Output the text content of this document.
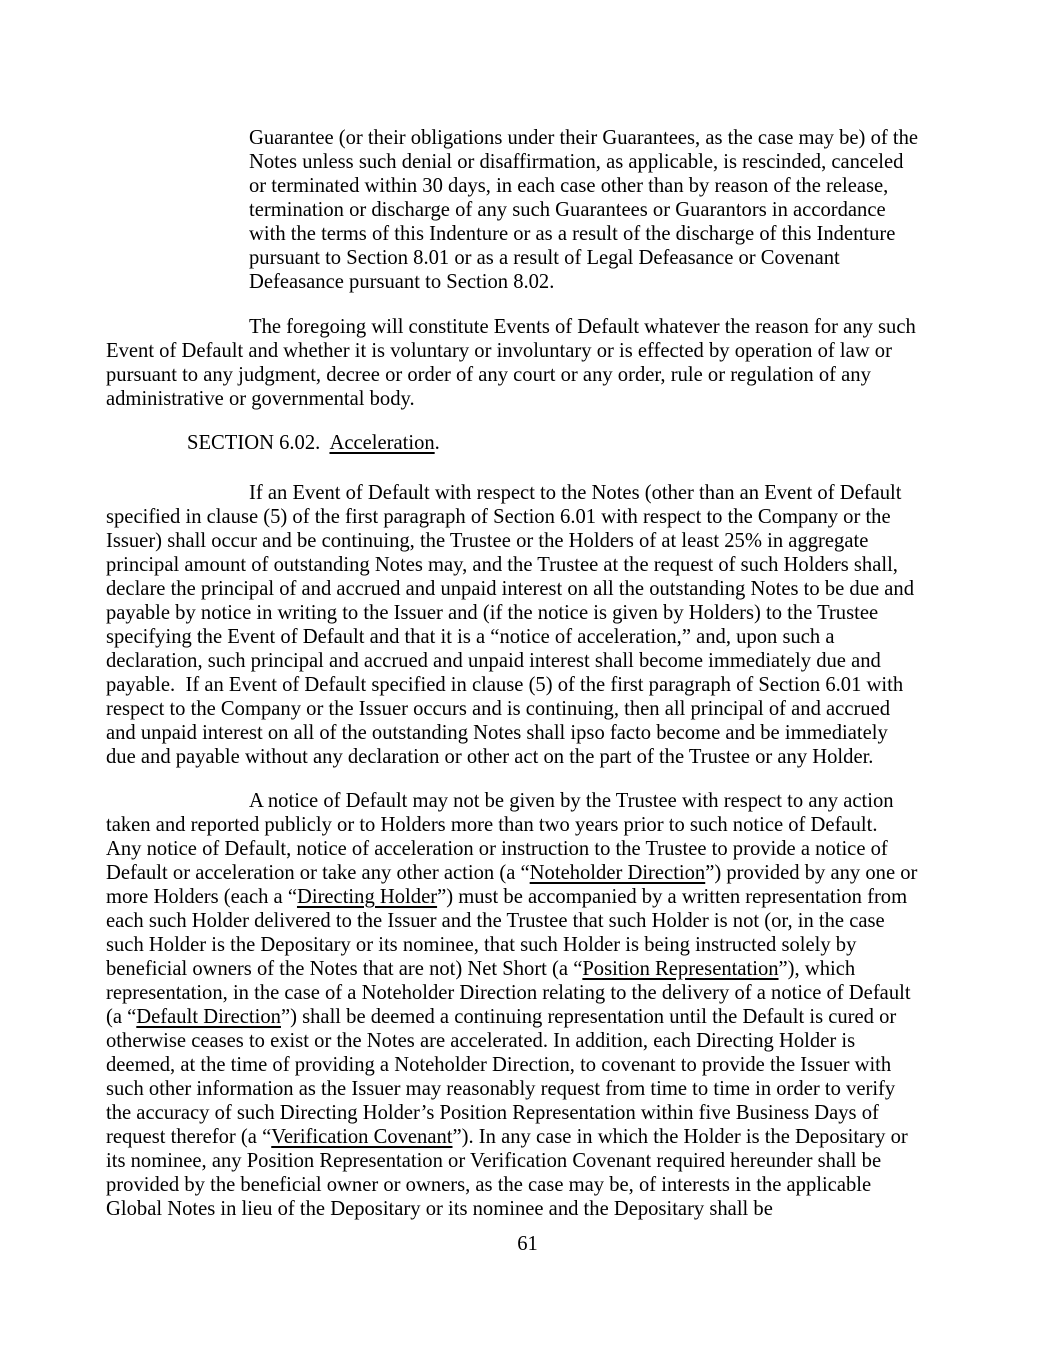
Guarantee (or their obligations under their Guarantees, as the case may be) of the Notes unless such denial or disaffirmation, as applicable, is rescinded, canceled or terminated within 30 days, in each case other than by reason of the release, termination or discharge of any such Guarantees or Guarantors in accordance with the terms of this Indenture or as a result of the discharge of this Indenture pursuant to Section 8.01 or as a result of Legal Defeasance or Covenant Defeasance pursuant to Section 8.02.

The foregoing will constitute Events of Default whatever the reason for any such Event of Default and whether it is voluntary or involuntary or is effected by operation of law or pursuant to any judgment, decree or order of any court or any order, rule or regulation of any administrative or governmental body.

SECTION 6.02. Acceleration.

If an Event of Default with respect to the Notes (other than an Event of Default specified in clause (5) of the first paragraph of Section 6.01 with respect to the Company or the Issuer) shall occur and be continuing, the Trustee or the Holders of at least 25% in aggregate principal amount of outstanding Notes may, and the Trustee at the request of such Holders shall, declare the principal of and accrued and unpaid interest on all the outstanding Notes to be due and payable by notice in writing to the Issuer and (if the notice is given by Holders) to the Trustee specifying the Event of Default and that it is a “notice of acceleration,” and, upon such a declaration, such principal and accrued and unpaid interest shall become immediately due and payable.  If an Event of Default specified in clause (5) of the first paragraph of Section 6.01 with respect to the Company or the Issuer occurs and is continuing, then all principal of and accrued and unpaid interest on all of the outstanding Notes shall ipso facto become and be immediately due and payable without any declaration or other act on the part of the Trustee or any Holder.

A notice of Default may not be given by the Trustee with respect to any action taken and reported publicly or to Holders more than two years prior to such notice of Default.  Any notice of Default, notice of acceleration or instruction to the Trustee to provide a notice of Default or acceleration or take any other action (a “Noteholder Direction”) provided by any one or more Holders (each a “Directing Holder”) must be accompanied by a written representation from each such Holder delivered to the Issuer and the Trustee that such Holder is not (or, in the case such Holder is the Depositary or its nominee, that such Holder is being instructed solely by beneficial owners of the Notes that are not) Net Short (a “Position Representation”), which representation, in the case of a Noteholder Direction relating to the delivery of a notice of Default (a “Default Direction”) shall be deemed a continuing representation until the Default is cured or otherwise ceases to exist or the Notes are accelerated. In addition, each Directing Holder is deemed, at the time of providing a Noteholder Direction, to covenant to provide the Issuer with such other information as the Issuer may reasonably request from time to time in order to verify the accuracy of such Directing Holder’s Position Representation within five Business Days of request therefor (a “Verification Covenant”). In any case in which the Holder is the Depositary or its nominee, any Position Representation or Verification Covenant required hereunder shall be provided by the beneficial owner or owners, as the case may be, of interests in the applicable Global Notes in lieu of the Depositary or its nominee and the Depositary shall be

61
